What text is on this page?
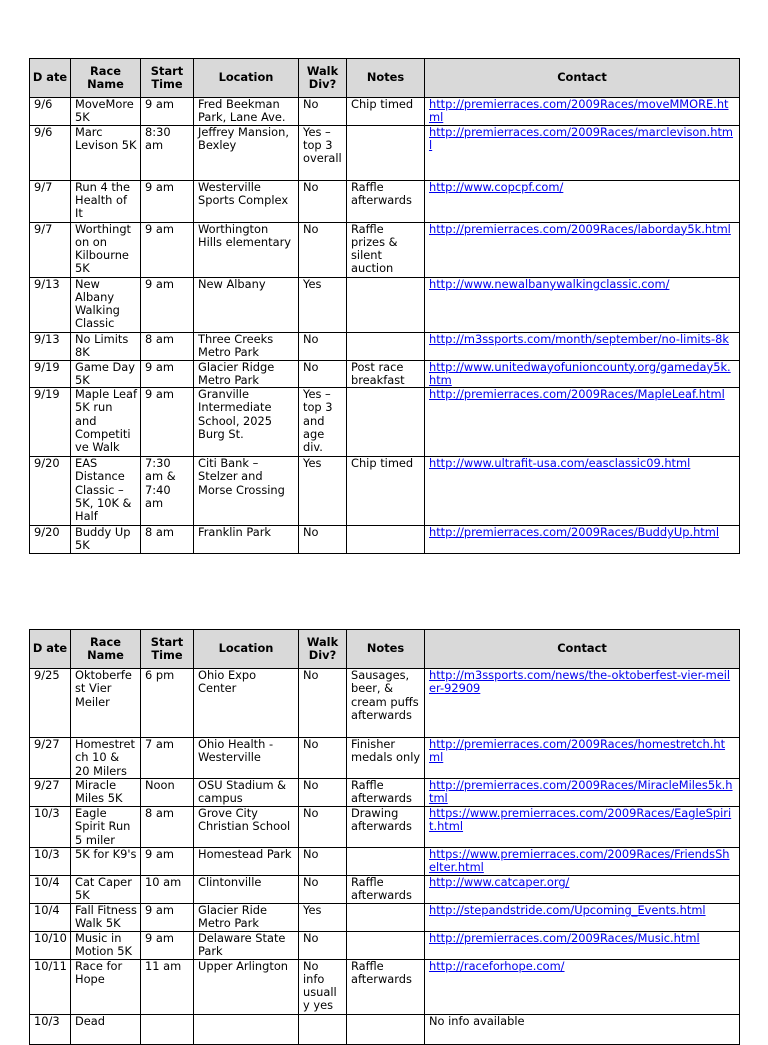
D ate	Race Name	Start Time	Location	Walk Div?	Notes	Contact
9/6	MoveMore 5K	9 am	Fred Beekman Park, Lane Ave.	No	Chip timed	http://premierraces.com/2009Races/moveMMORE.html
9/6	Marc Levison 5K	8:30 am	Jeffrey Mansion, Bexley	Yes – top 3 overall		http://premierraces.com/2009Races/marclevison.html
9/7	Run 4 the Health of It	9 am	Westerville Sports Complex	No	Raffle afterwards	http://www.copcpf.com/
9/7	Worthington on Kilbourne 5K	9 am	Worthington Hills elementary	No	Raffle prizes & silent auction	http://premierraces.com/2009Races/laborday5k.html
9/13	New Albany Walking Classic	9 am	New Albany	Yes		http://www.newalbanywalkingclassic.com/
9/13	No Limits 8K	8 am	Three Creeks Metro Park	No		http://m3ssports.com/month/september/no-limits-8k
9/19	Game Day 5K	9 am	Glacier Ridge Metro Park	No	Post race breakfast	http://www.unitedwayofunioncounty.org/gameday5k.htm
9/19	Maple Leaf 5K run and Competitive Walk	9 am	Granville Intermediate School, 2025 Burg St.	Yes – top 3 and age div.		http://premierraces.com/2009Races/MapleLeaf.html
9/20	EAS Distance Classic – 5K, 10K & Half	7:30 am & 7:40 am	Citi Bank – Stelzer and Morse Crossing	Yes	Chip timed	http://www.ultrafit-usa.com/easclassic09.html
9/20	Buddy Up 5K	8 am	Franklin Park	No		http://premierraces.com/2009Races/BuddyUp.html
D ate	Race Name	Start Time	Location	Walk Div?	Notes	Contact
9/25	Oktoberfest Vier Meiler	6 pm	Ohio Expo Center	No	Sausages, beer, & cream puffs afterwards	http://m3ssports.com/news/the-oktoberfest-vier-meiler-92909
9/27	Homestretch 10 & 20 Milers	7 am	Ohio Health - Westerville	No	Finisher medals only	http://premierraces.com/2009Races/homestretch.html
9/27	Miracle Miles 5K	Noon	OSU Stadium & campus	No	Raffle afterwards	http://premierraces.com/2009Races/MiracleMiles5k.html
10/3	Eagle Spirit Run 5 miler	8 am	Grove City Christian School	No	Drawing afterwards	https://www.premierraces.com/2009Races/EagleSpirit.html
10/3	5K for K9's	9 am	Homestead Park	No		https://www.premierraces.com/2009Races/FriendsShelter.html
10/4	Cat Caper 5K	10 am	Clintonville	No	Raffle afterwards	http://www.catcaper.org/
10/4	Fall Fitness Walk 5K	9 am	Glacier Ride Metro Park	Yes		http://stepandstride.com/Upcoming_Events.html
10/10	Music in Motion 5K	9 am	Delaware State Park	No		http://premierraces.com/2009Races/Music.html
10/11	Race for Hope	11 am	Upper Arlington	No info usually yes	Raffle afterwards	http://raceforhope.com/
10/3	Dead					No info available
